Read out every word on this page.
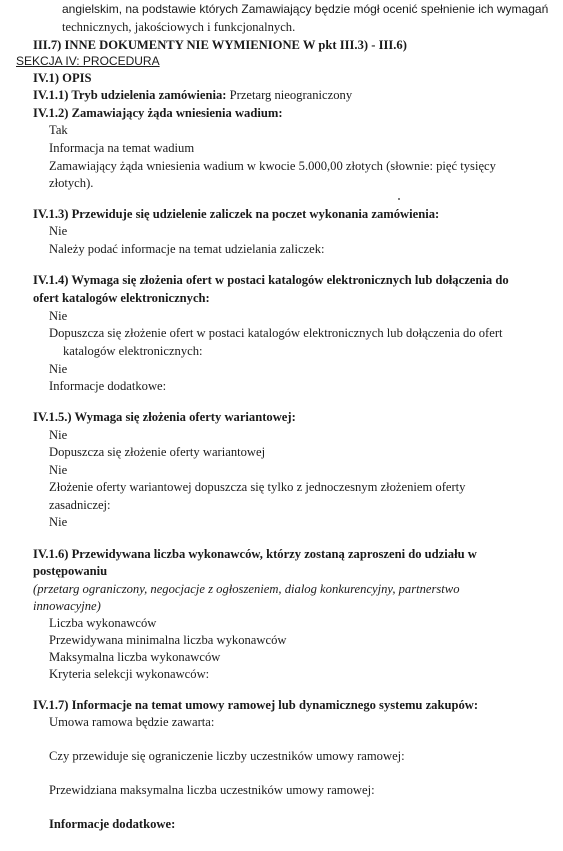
angielskim, na podstawie których Zamawiający będzie mógł ocenić spełnienie ich wymagań
technicznych, jakościowych i funkcjonalnych.
III.7) INNE DOKUMENTY NIE WYMIENIONE W pkt III.3) - III.6)
SEKCJA IV: PROCEDURA
IV.1) OPIS
IV.1.1) Tryb udzielenia zamówienia: Przetarg nieograniczony
IV.1.2) Zamawiający żąda wniesienia wadium:
Tak
Informacja na temat wadium
Zamawiający żąda wniesienia wadium w kwocie 5.000,00 złotych (słownie: pięć tysięcy
złotych).
IV.1.3) Przewiduje się udzielenie zaliczek na poczet wykonania zamówienia:
Nie
Należy podać informacje na temat udzielania zaliczek:
IV.1.4) Wymaga się złożenia ofert w postaci katalogów elektronicznych lub dołączenia do
ofert katalogów elektronicznych:
Nie
Dopuszcza się złożenie ofert w postaci katalogów elektronicznych lub dołączenia do ofert
katalogów elektronicznych:
Nie
Informacje dodatkowe:
IV.1.5.) Wymaga się złożenia oferty wariantowej:
Nie
Dopuszcza się złożenie oferty wariantowej
Nie
Złożenie oferty wariantowej dopuszcza się tylko z jednoczesnym złożeniem oferty
zasadniczej:
Nie
IV.1.6) Przewidywana liczba wykonawców, którzy zostaną zaproszeni do udziału w
postępowaniu
(przetarg ograniczony, negocjacje z ogłoszeniem, dialog konkurencyjny, partnerstwo
innowacyjne)
Liczba wykonawców
Przewidywana minimalna liczba wykonawców
Maksymalna liczba wykonawców
Kryteria selekcji wykonawców:
IV.1.7) Informacje na temat umowy ramowej lub dynamicznego systemu zakupów:
Umowa ramowa będzie zawarta:
Czy przewiduje się ograniczenie liczby uczestników umowy ramowej:
Przewidziana maksymalna liczba uczestników umowy ramowej:
Informacje dodatkowe:
